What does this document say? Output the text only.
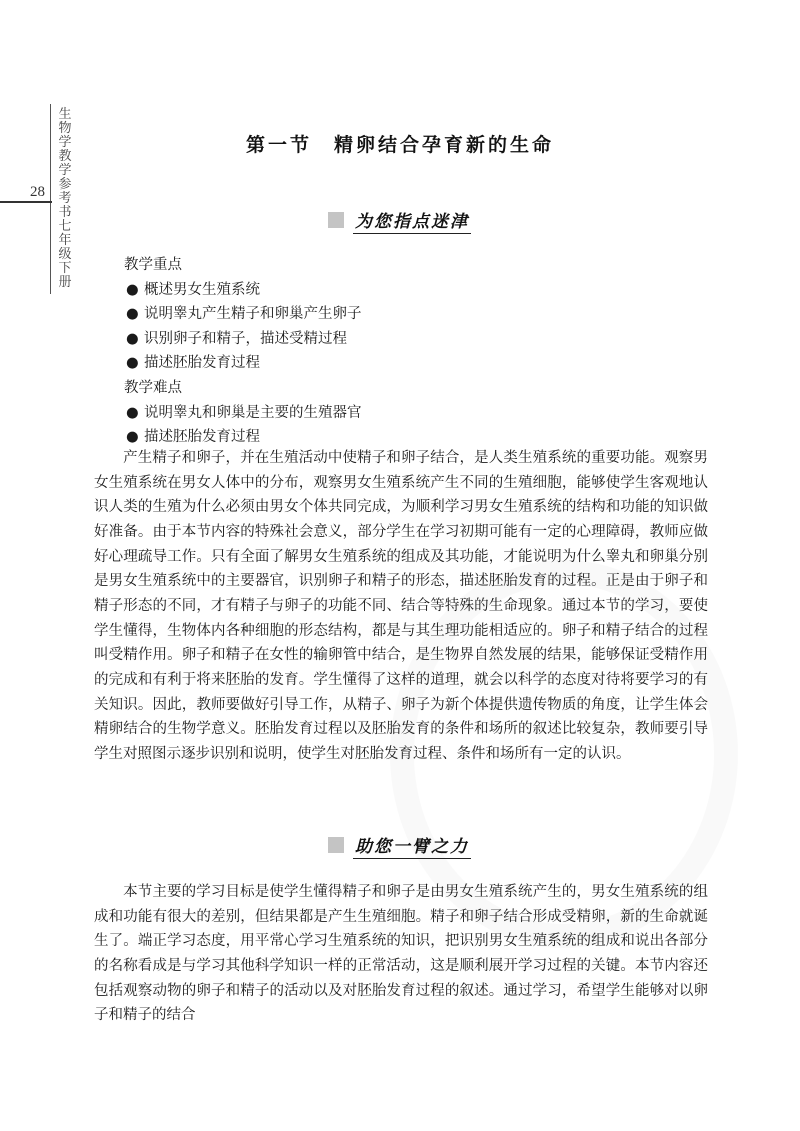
28
生物学教学参考书七年级下册
第一节 精卵结合孕育新的生命
为您指点迷津
教学重点
● 概述男女生殖系统
● 说明睾丸产生精子和卵巢产生卵子
● 识别卵子和精子，描述受精过程
● 描述胚胎发育过程
教学难点
● 说明睾丸和卵巢是主要的生殖器官
● 描述胚胎发育过程
产生精子和卵子，并在生殖活动中使精子和卵子结合，是人类生殖系统的重要功能。观察男女生殖系统在男女人体中的分布，观察男女生殖系统产生不同的生殖细胞，能够使学生客观地认识人类的生殖为什么必须由男女个体共同完成，为顺利学习男女生殖系统的结构和功能的知识做好准备。由于本节内容的特殊社会意义，部分学生在学习初期可能有一定的心理障碍，教师应做好心理疏导工作。只有全面了解男女生殖系统的组成及其功能，才能说明为什么睾丸和卵巢分别是男女生殖系统中的主要器官，识别卵子和精子的形态，描述胚胎发育的过程。正是由于卵子和精子形态的不同，才有精子与卵子的功能不同、结合等特殊的生命现象。通过本节的学习，要使学生懂得，生物体内各种细胞的形态结构，都是与其生理功能相适应的。卵子和精子结合的过程叫受精作用。卵子和精子在女性的输卵管中结合，是生物界自然发展的结果，能够保证受精作用的完成和有利于将来胚胎的发育。学生懂得了这样的道理，就会以科学的态度对待将要学习的有关知识。因此，教师要做好引导工作，从精子、卵子为新个体提供遗传物质的角度，让学生体会精卵结合的生物学意义。胚胎发育过程以及胚胎发育的条件和场所的叙述比较复杂，教师要引导学生对照图示逐步识别和说明，使学生对胚胎发育过程、条件和场所有一定的认识。
助您一臂之力
本节主要的学习目标是使学生懂得精子和卵子是由男女生殖系统产生的，男女生殖系统的组成和功能有很大的差别，但结果都是产生生殖细胞。精子和卵子结合形成受精卵，新的生命就诞生了。端正学习态度，用平常心学习生殖系统的知识，把识别男女生殖系统的组成和说出各部分的名称看成是与学习其他科学知识一样的正常活动，这是顺利展开学习过程的关键。本节内容还包括观察动物的卵子和精子的活动以及对胚胎发育过程的叙述。通过学习，希望学生能够对以卵子和精子的结合
